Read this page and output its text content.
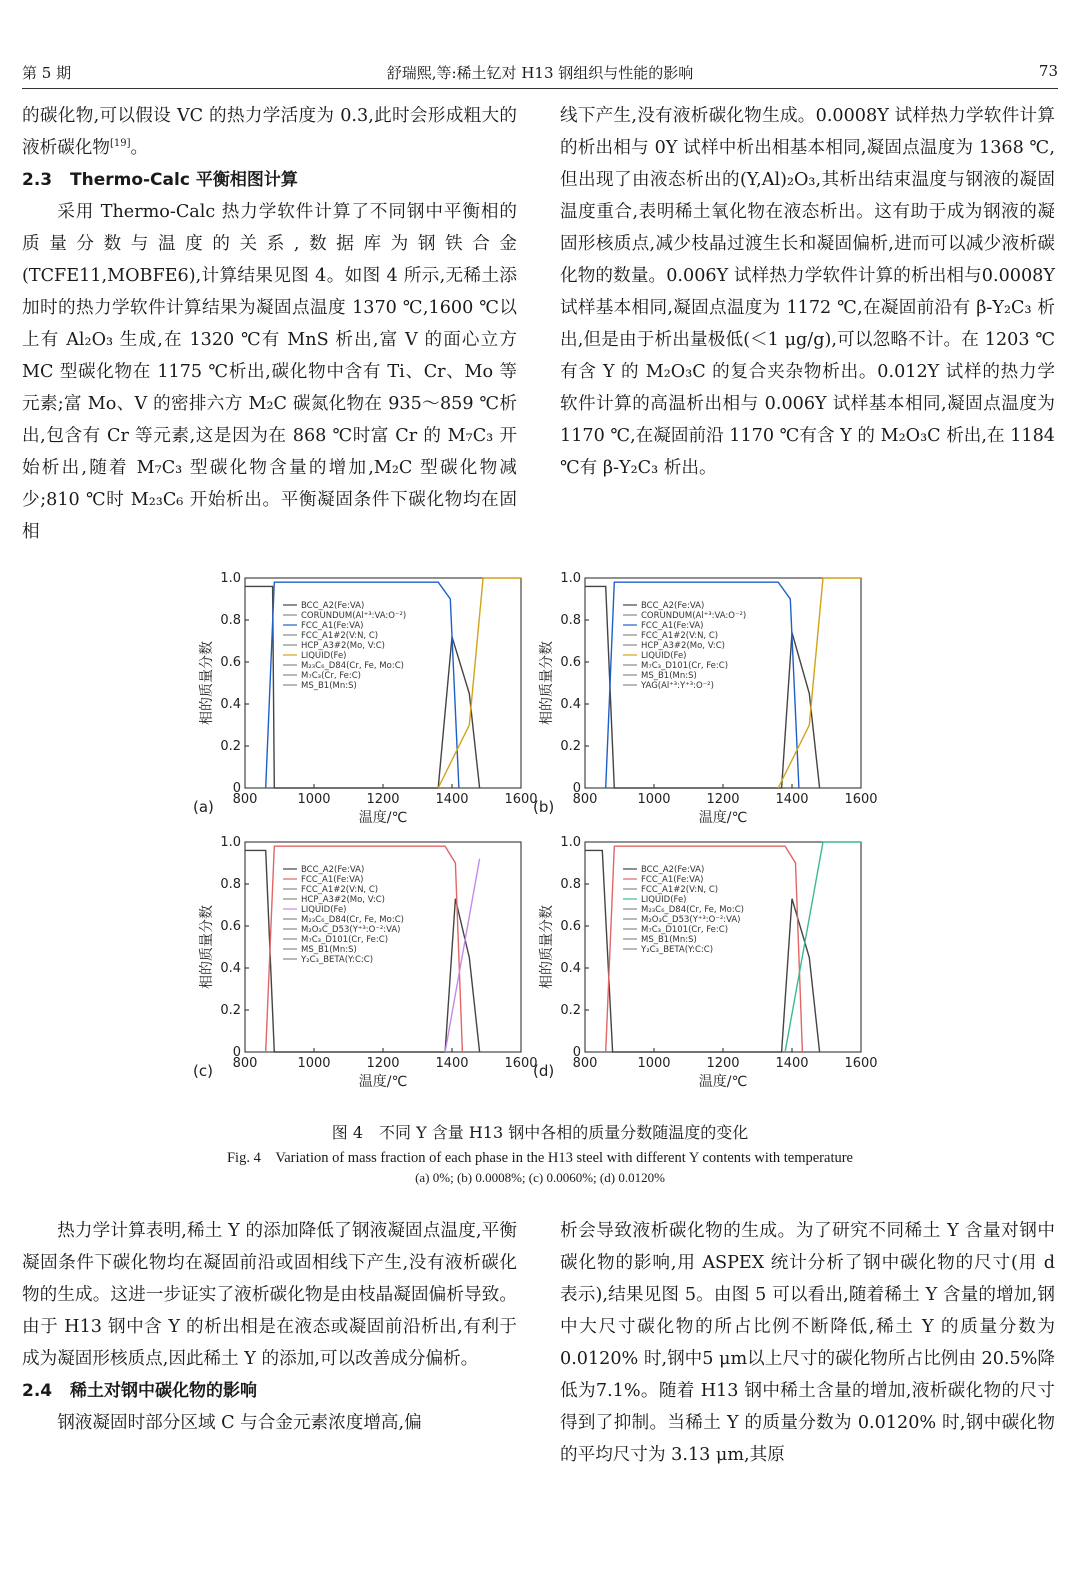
第 5 期	舒瑞熙,等:稀土钇对 H13 钢组织与性能的影响	73

的碳化物,可以假设 VC 的热力学活度为 0.3,此时会形成粗大的液析碳化物[19]。

2.3 Thermo-Calc 平衡相图计算

采用 Thermo-Calc 热力学软件计算了不同钢中平衡相的质量分数与温度的关系,数据库为钢铁合金(TCFE11,MOBFE6),计算结果见图 4。如图 4 所示,无稀土添加时的热力学软件计算结果为凝固点温度 1370 ℃,1600 ℃以上有 Al₂O₃ 生成,在 1320 ℃有 MnS 析出,富 V 的面心立方 MC 型碳化物在 1175 ℃析出,碳化物中含有 Ti、Cr、Mo 等元素;富 Mo、V 的密排六方 M₂C 碳氮化物在 935～859 ℃析出,包含有 Cr 等元素,这是因为在 868 ℃时富 Cr 的 M₇C₃ 开始析出,随着 M₇C₃ 型碳化物含量的增加,M₂C 型碳化物减少;810 ℃时 M₂₃C₆ 开始析出。平衡凝固条件下碳化物均在固相

线下产生,没有液析碳化物生成。0.0008Y 试样热力学软件计算的析出相与 0Y 试样中析出相基本相同,凝固点温度为 1368 ℃,但出现了由液态析出的(Y,Al)₂O₃,其析出结束温度与钢液的凝固温度重合,表明稀土氧化物在液态析出。这有助于成为钢液的凝固形核质点,减少枝晶过渡生长和凝固偏析,进而可以减少液析碳化物的数量。0.006Y 试样热力学软件计算的析出相与0.0008Y 试样基本相同,凝固点温度为 1172 ℃,在凝固前沿有 β-Y₂C₃ 析出,但是由于析出量极低(＜1 μg/g),可以忽略不计。在 1203 ℃有含 Y 的 M₂O₃C 的复合夹杂物析出。0.012Y 试样的热力学软件计算的高温析出相与 0.006Y 试样基本相同,凝固点温度为 1170 ℃,在凝固前沿 1170 ℃有含 Y 的 M₂O₃C 析出,在 1184 ℃有 β-Y₂C₃ 析出。

800	1000	1200	1400	1600
0
0.2
0.4
0.6
0.8
1.0
温度/℃
相的质量分数
(a)
BCC_A2(Fe:VA)
CORUNDUM(Al⁺³:VA:O⁻²)
FCC_A1(Fe:VA)
FCC_A1#2(V:N, C)
HCP_A3#2(Mo, V:C)
LIQUID(Fe)
M₂₃C₆_D84(Cr, Fe, Mo:C)
M₇C₃(Cr, Fe:C)
MS_B1(Mn:S)
800	1000	1200	1400	1600
0
0.2
0.4
0.6
0.8
1.0
温度/℃
相的质量分数
(b)
BCC_A2(Fe:VA)
CORUNDUM(Al⁺³:VA:O⁻²)
FCC_A1(Fe:VA)
FCC_A1#2(V:N, C)
HCP_A3#2(Mo, V:C)
LIQUID(Fe)
M₇C₃_D101(Cr, Fe:C)
MS_B1(Mn:S)
YAG(Al⁺³:Y⁺³:O⁻²)
800	1000	1200	1400	1600
0
0.2
0.4
0.6
0.8
1.0
温度/℃
相的质量分数
(c)
BCC_A2(Fe:VA)
FCC_A1(Fe:VA)
FCC_A1#2(V:N, C)
HCP_A3#2(Mo, V:C)
LIQUID(Fe)
M₂₃C₆_D84(Cr, Fe, Mo:C)
M₂O₃C_D53(Y⁺³:O⁻²:VA)
M₇C₃_D101(Cr, Fe:C)
MS_B1(Mn:S)
Y₂C₃_BETA(Y:C:C)
800	1000	1200	1400	1600
0
0.2
0.4
0.6
0.8
1.0
温度/℃
相的质量分数
(d)
BCC_A2(Fe:VA)
FCC_A1(Fe:VA)
FCC_A1#2(V:N, C)
LIQUID(Fe)
M₂₃C₆_D84(Cr, Fe, Mo:C)
M₂O₃C_D53(Y⁺³:O⁻²:VA)
M₇C₃_D101(Cr, Fe:C)
MS_B1(Mn:S)
Y₂C₃_BETA(Y:C:C)
图 4　不同 Y 含量 H13 钢中各相的质量分数随温度的变化
Fig. 4　Variation of mass fraction of each phase in the H13 steel with different Y contents with temperature
(a) 0%; (b) 0.0008%; (c) 0.0060%; (d) 0.0120%

热力学计算表明,稀土 Y 的添加降低了钢液凝固点温度,平衡凝固条件下碳化物均在凝固前沿或固相线下产生,没有液析碳化物的生成。这进一步证实了液析碳化物是由枝晶凝固偏析导致。由于 H13 钢中含 Y 的析出相是在液态或凝固前沿析出,有利于成为凝固形核质点,因此稀土 Y 的添加,可以改善成分偏析。

2.4 稀土对钢中碳化物的影响

钢液凝固时部分区域 C 与合金元素浓度增高,偏

析会导致液析碳化物的生成。为了研究不同稀土 Y 含量对钢中碳化物的影响,用 ASPEX 统计分析了钢中碳化物的尺寸(用 d 表示),结果见图 5。由图 5 可以看出,随着稀土 Y 含量的增加,钢中大尺寸碳化物的所占比例不断降低,稀土 Y 的质量分数为 0.0120% 时,钢中5 μm以上尺寸的碳化物所占比例由 20.5%降低为7.1%。随着 H13 钢中稀土含量的增加,液析碳化物的尺寸得到了抑制。当稀土 Y 的质量分数为 0.0120% 时,钢中碳化物的平均尺寸为 3.13 μm,其原
